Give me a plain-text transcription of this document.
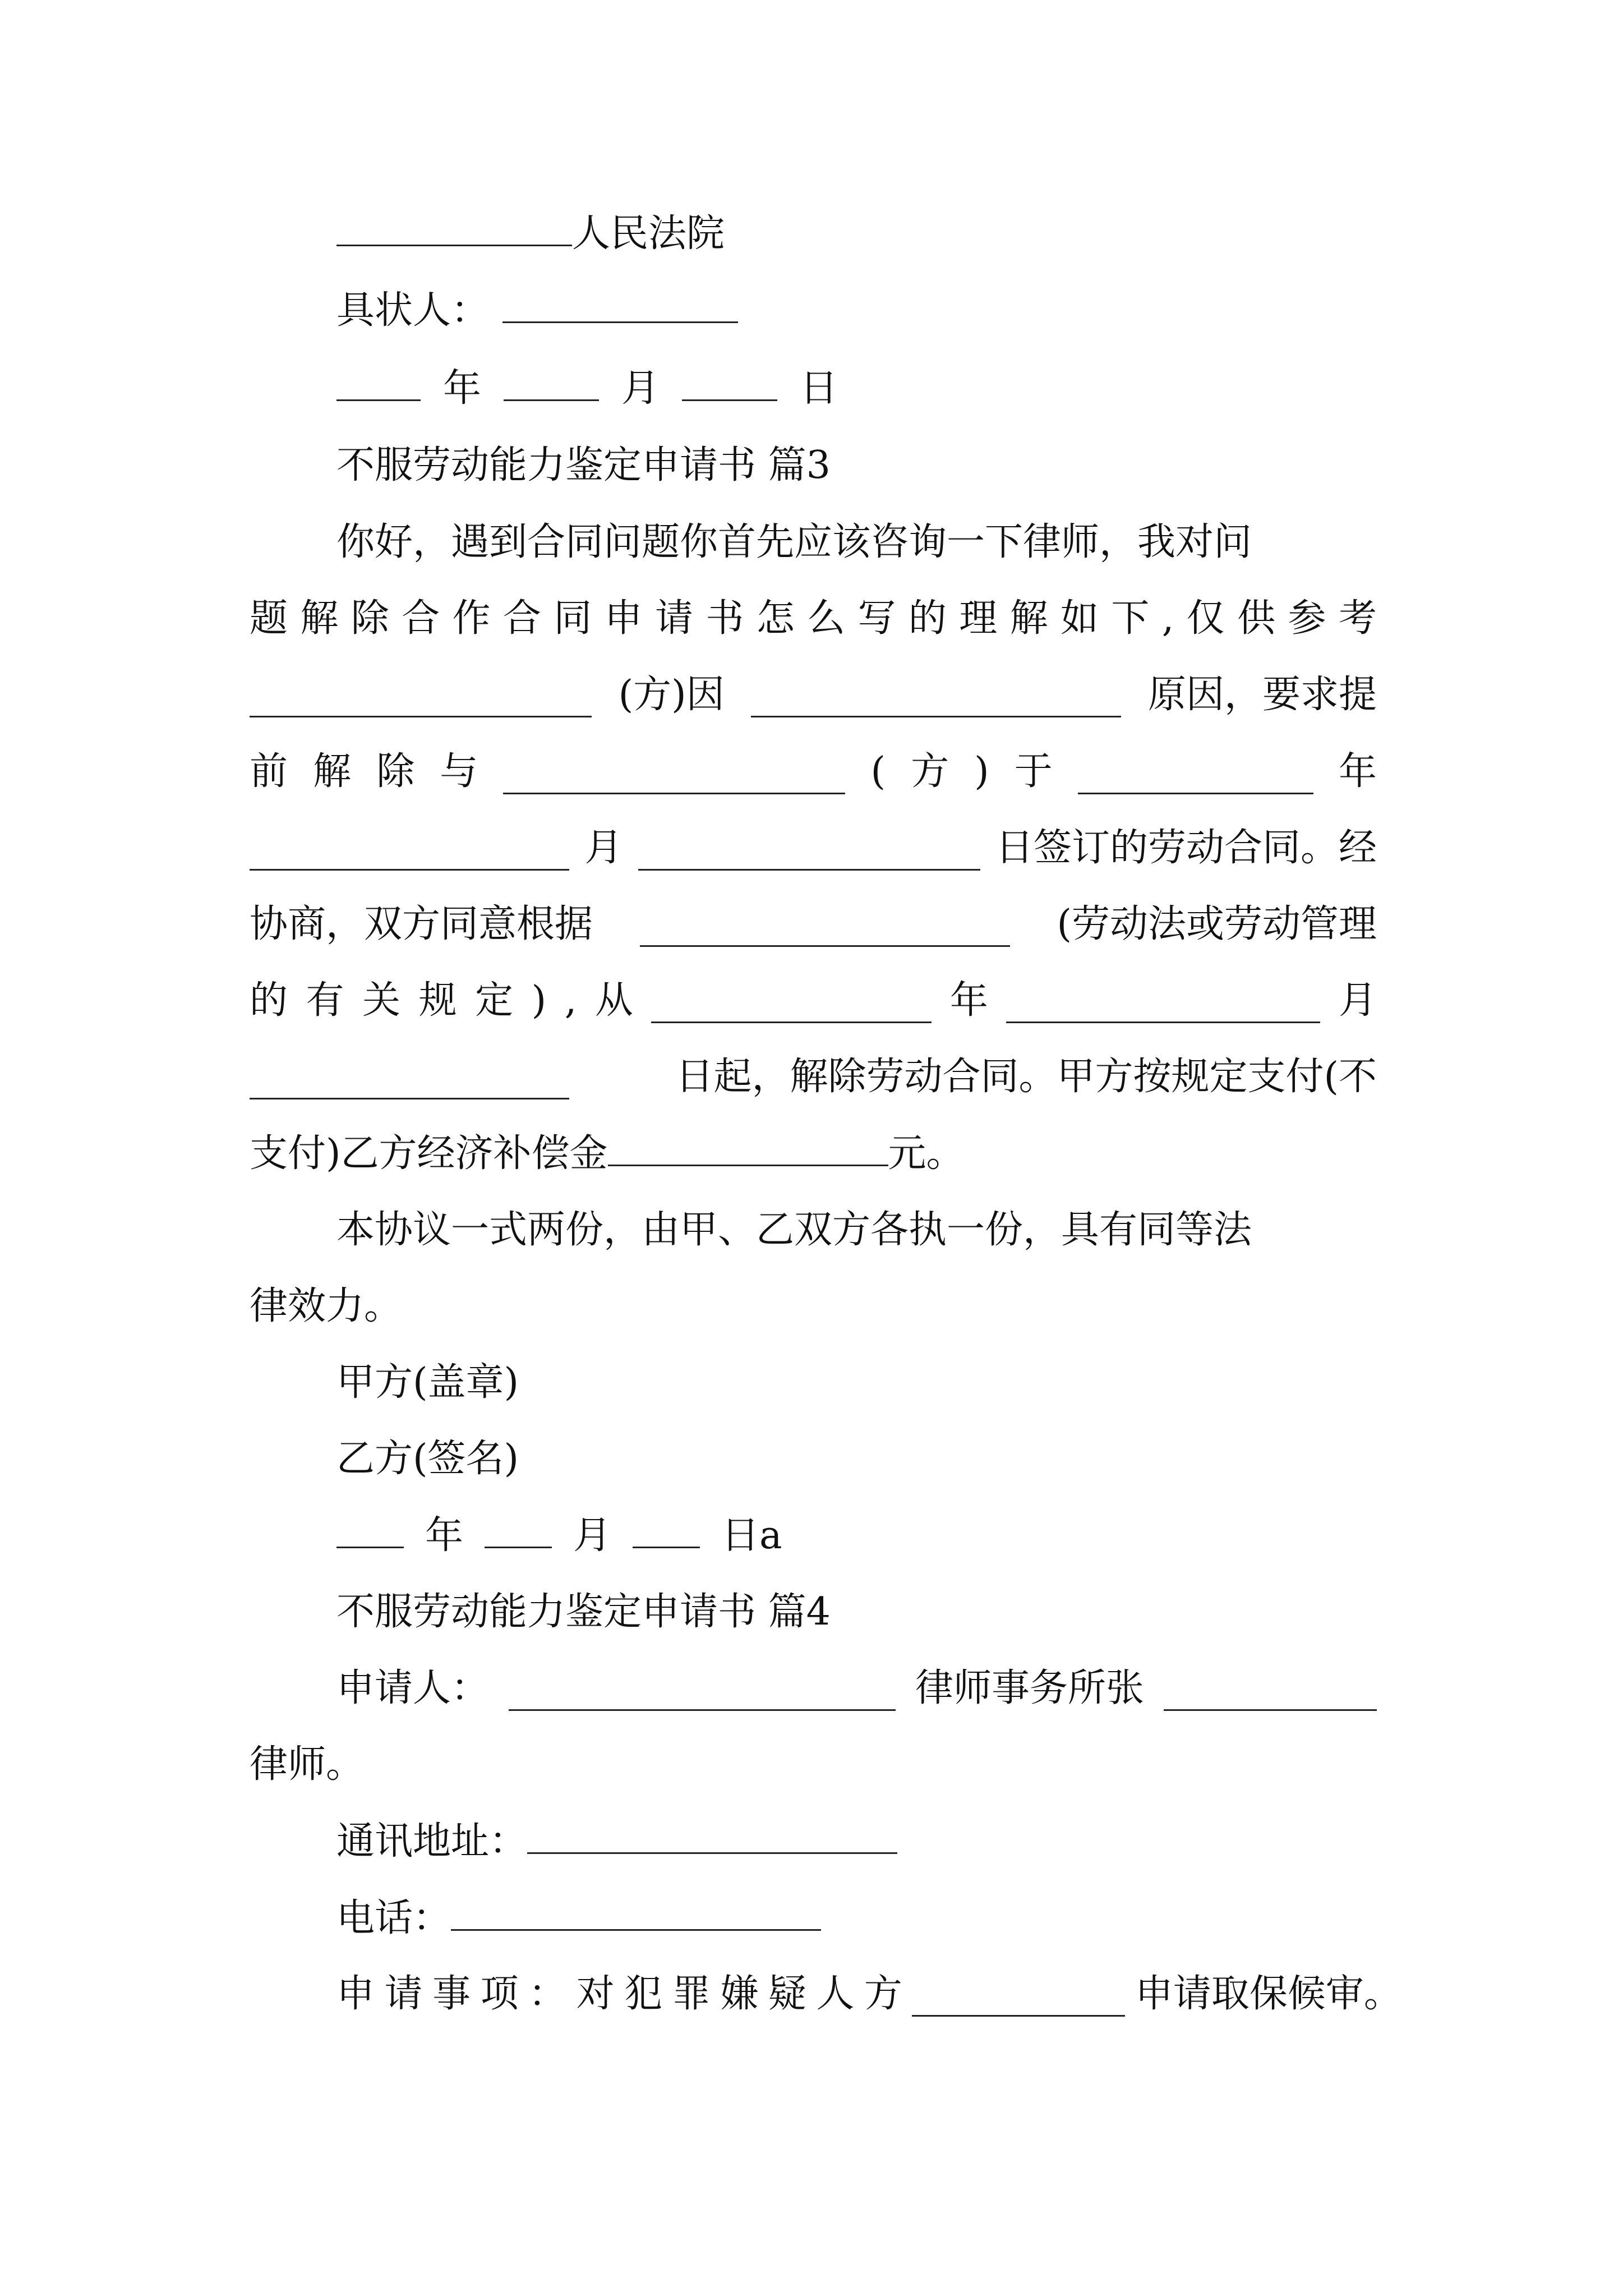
人民法院
具状人：
年	月	日
不服劳动能力鉴定申请书 篇3
你好，遇到合同问题你首先应该咨询一下律师，我对问
题 解 除 合 作 合 同 申 请 书 怎 么 写 的 理 解 如 下 , 仅 供 参 考
(方)因	原因，要求提
前 解 除 与	( 方 ) 于	年
月	日签订的劳动合同。经
协商，双方同意根据	(劳动法或劳动管理
的 有 关 规 定 ) , 从	年	月
日起，解除劳动合同。甲方按规定支付(不
支付)乙方经济补偿金	元。
本协议一式两份，由甲、乙双方各执一份，具有同等法
律效力。
甲方(盖章)
乙方(签名)
年	月	日a
不服劳动能力鉴定申请书 篇4
申请人：	律师事务所张
律师。
通讯地址：
电话：
申 请 事 项 ： 对 犯 罪 嫌 疑 人 方	申请取保候审。
